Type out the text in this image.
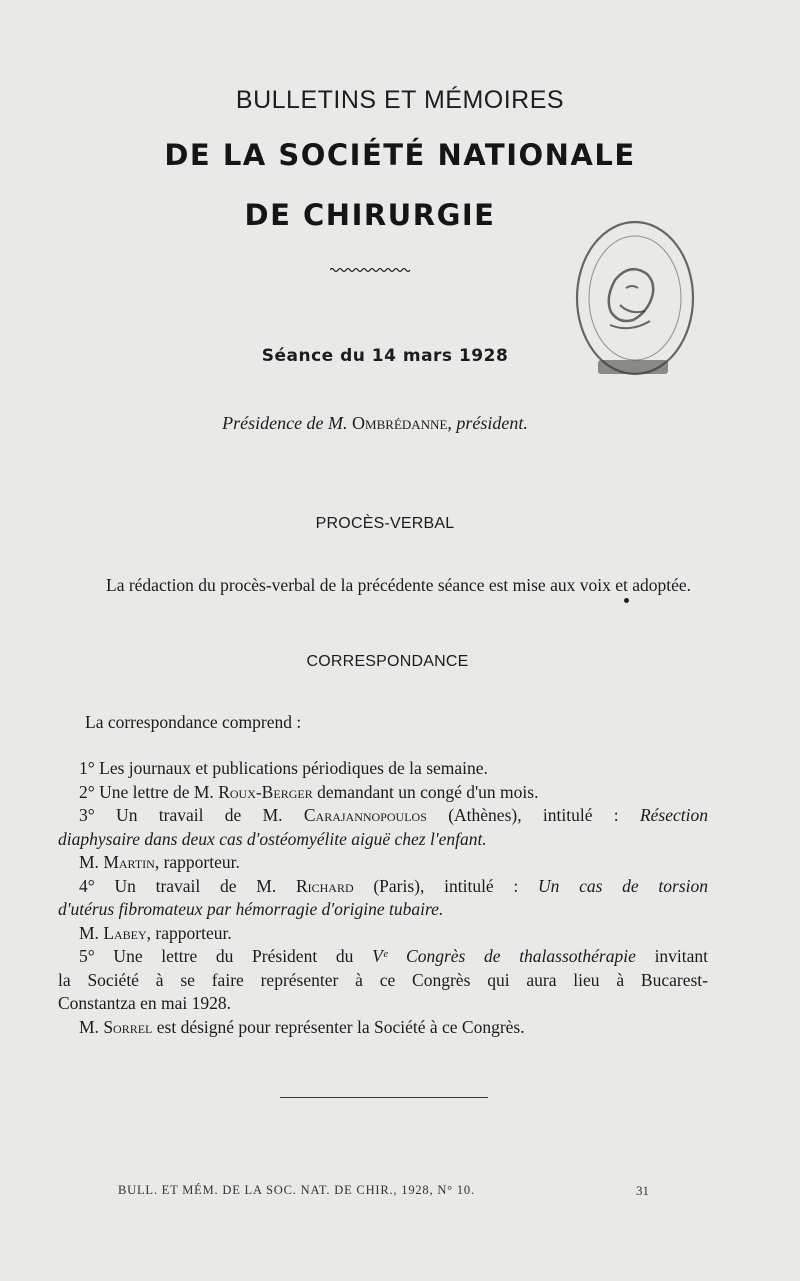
BULLETINS ET MÉMOIRES
DE LA SOCIÉTÉ NATIONALE
DE CHIRURGIE
Séance du 14 mars 1928
Présidence de M. Ombrédanne, président.
PROCÈS-VERBAL
La rédaction du procès-verbal de la précédente séance est mise aux voix et adoptée.
CORRESPONDANCE
La correspondance comprend :
1° Les journaux et publications périodiques de la semaine.
2° Une lettre de M. Roux-Berger demandant un congé d'un mois.
3° Un travail de M. Carajannopoulos (Athènes), intitulé : Résection
diaphysaire dans deux cas d'ostéomyélite aiguë chez l'enfant.
M. Martin, rapporteur.
4° Un travail de M. Richard (Paris), intitulé : Un cas de torsion
d'utérus fibromateux par hémorragie d'origine tubaire.
M. Labey, rapporteur.
5° Une lettre du Président du Vᵉ Congrès de thalassothérapie invitant
la Société à se faire représenter à ce Congrès qui aura lieu à Bucarest-
Constantza en mai 1928.
M. Sorrel est désigné pour représenter la Société à ce Congrès.
BULL. ET MÉM. DE LA SOC. NAT. DE CHIR., 1928, N° 10.	31
